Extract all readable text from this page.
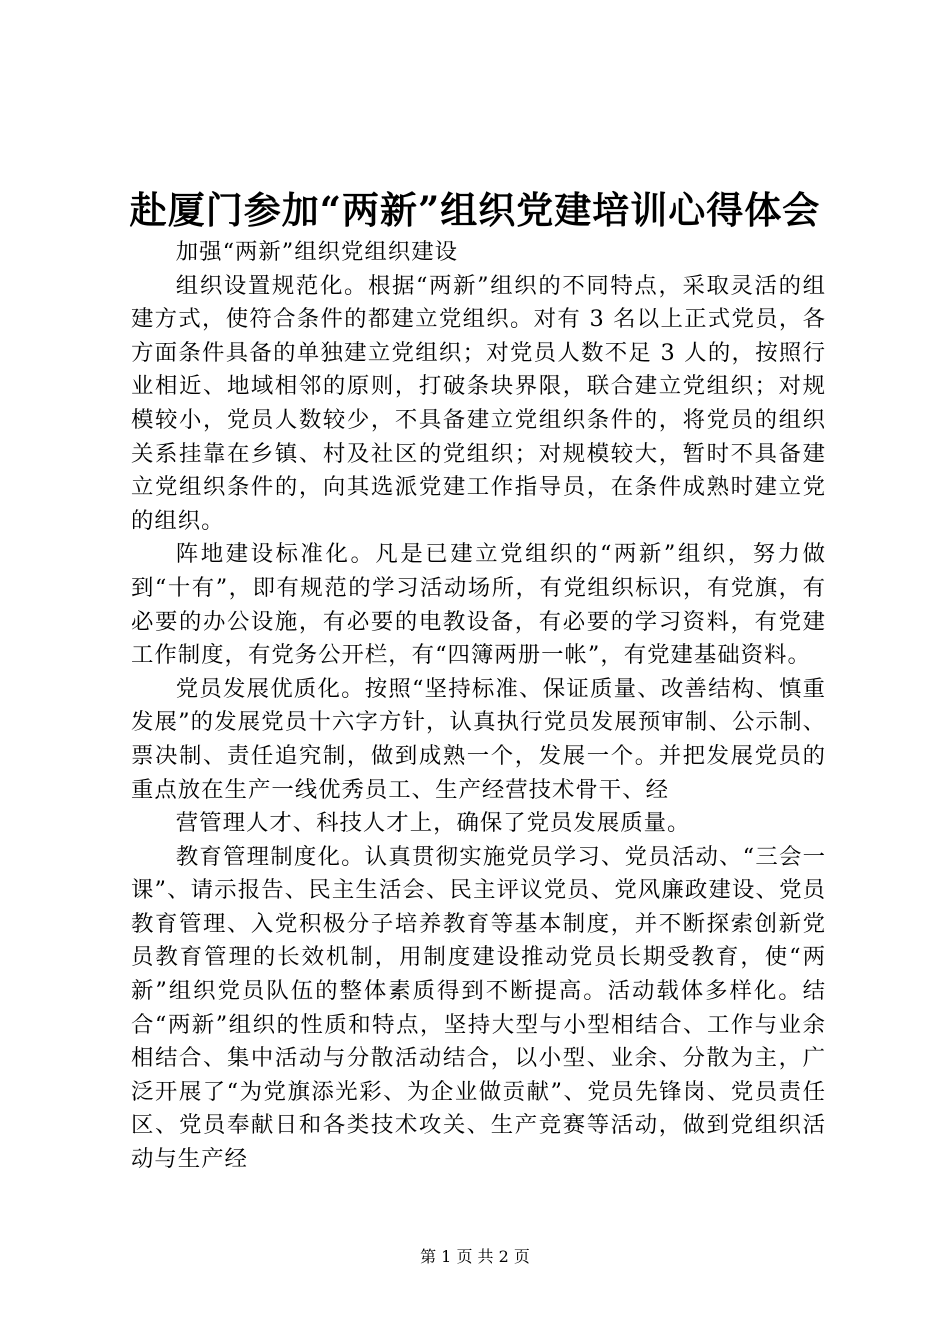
赴厦门参加“两新”组织党建培训心得体会

加强“两新”组织党组织建设

组织设置规范化。根据“两新”组织的不同特点，采取灵活的组建方式，使符合条件的都建立党组织。对有 3 名以上正式党员，各方面条件具备的单独建立党组织；对党员人数不足 3 人的，按照行业相近、地域相邻的原则，打破条块界限，联合建立党组织；对规模较小，党员人数较少，不具备建立党组织条件的，将党员的组织关系挂靠在乡镇、村及社区的党组织；对规模较大，暂时不具备建立党组织条件的，向其选派党建工作指导员，在条件成熟时建立党的组织。

阵地建设标准化。凡是已建立党组织的“两新”组织，努力做到“十有”，即有规范的学习活动场所，有党组织标识，有党旗，有必要的办公设施，有必要的电教设备，有必要的学习资料，有党建工作制度，有党务公开栏，有“四簿两册一帐”，有党建基础资料。

党员发展优质化。按照“坚持标准、保证质量、改善结构、慎重发展”的发展党员十六字方针，认真执行党员发展预审制、公示制、票决制、责任追究制，做到成熟一个，发展一个。并把发展党员的重点放在生产一线优秀员工、生产经营技术骨干、经

营管理人才、科技人才上，确保了党员发展质量。

教育管理制度化。认真贯彻实施党员学习、党员活动、“三会一课”、请示报告、民主生活会、民主评议党员、党风廉政建设、党员教育管理、入党积极分子培养教育等基本制度，并不断探索创新党员教育管理的长效机制，用制度建设推动党员长期受教育，使“两新”组织党员队伍的整体素质得到不断提高。活动载体多样化。结合“两新”组织的性质和特点，坚持大型与小型相结合、工作与业余相结合、集中活动与分散活动结合，以小型、业余、分散为主，广泛开展了“为党旗添光彩、为企业做贡献”、党员先锋岗、党员责任区、党员奉献日和各类技术攻关、生产竞赛等活动，做到党组织活动与生产经

第 1 页 共 2 页
